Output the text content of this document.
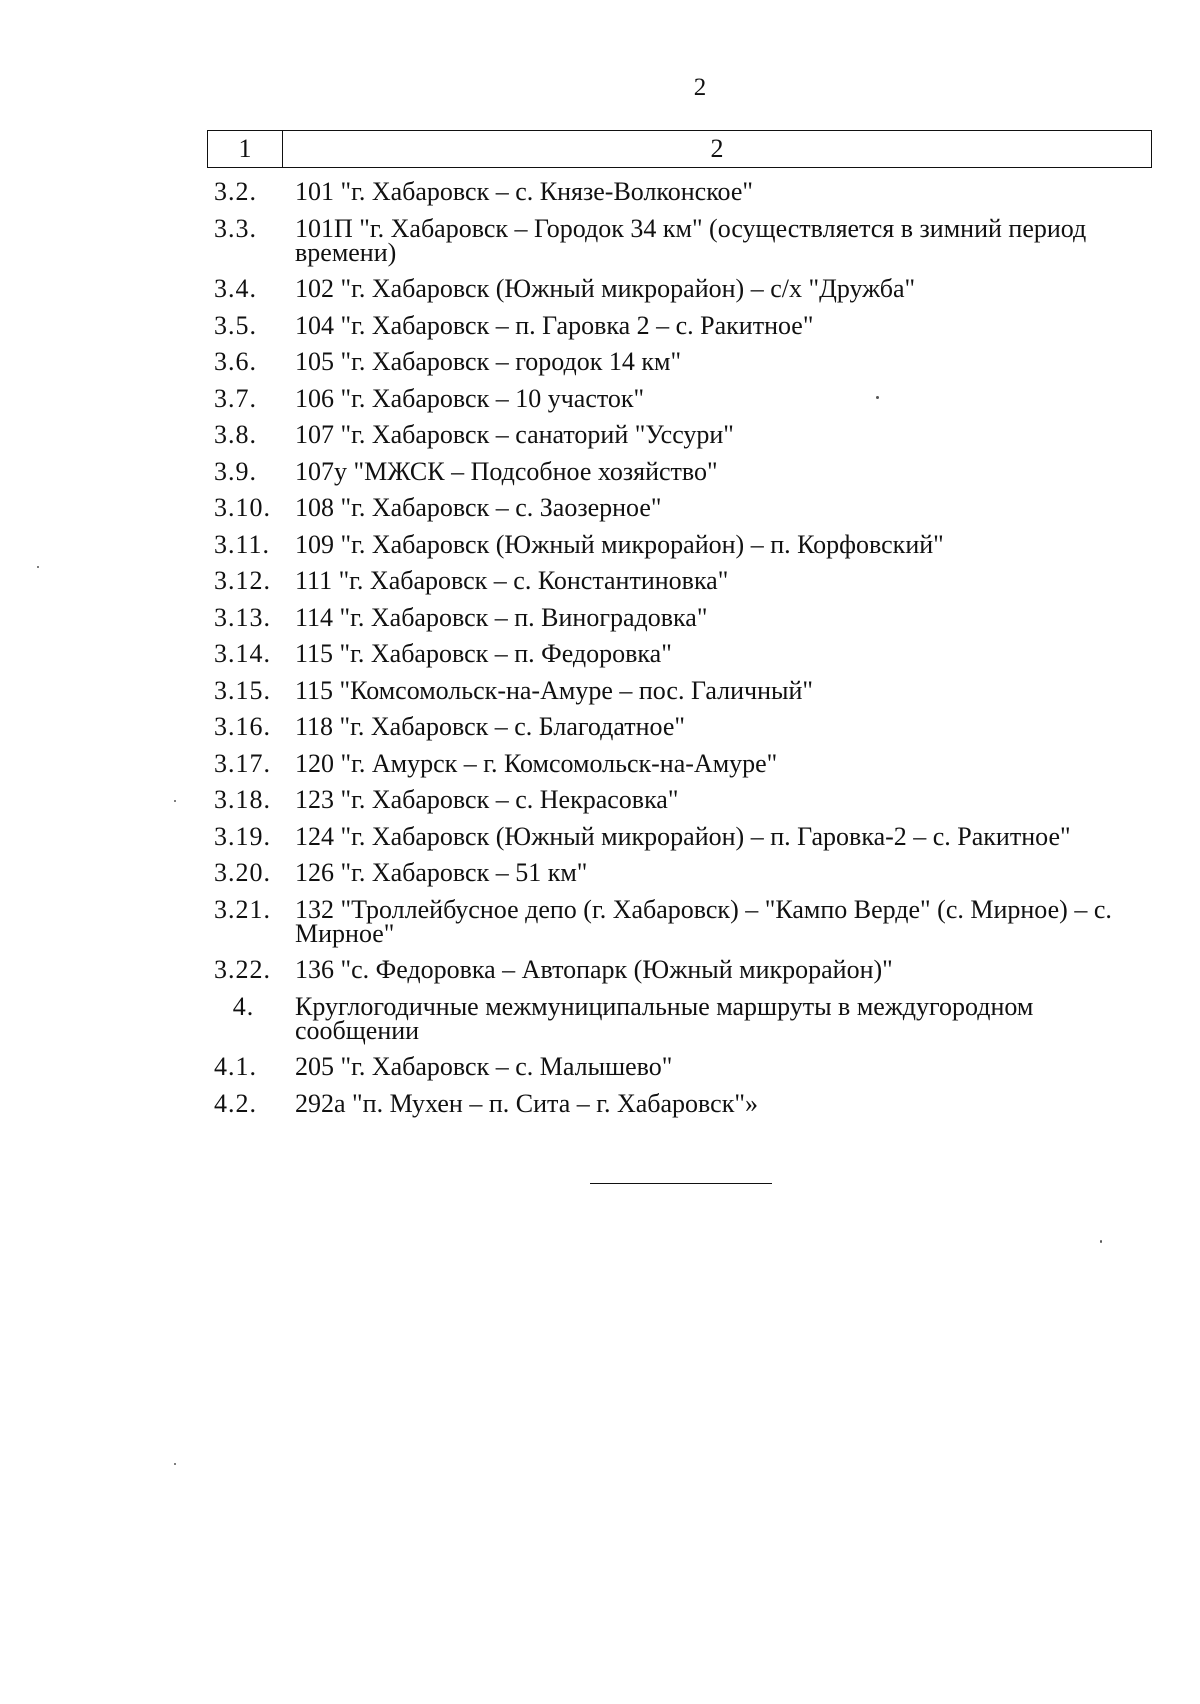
2
1	2
3.2.	101 "г. Хабаровск – с. Князе-Волконское"
3.3.	101П "г. Хабаровск – Городок 34 км" (осуществляется в зимний период времени)
3.4.	102 "г. Хабаровск (Южный микрорайон) – с/х "Дружба"
3.5.	104 "г. Хабаровск – п. Гаровка 2 – с. Ракитное"
3.6.	105 "г. Хабаровск – городок 14 км"
3.7.	106 "г. Хабаровск – 10 участок"
3.8.	107 "г. Хабаровск – санаторий "Уссури"
3.9.	107у "МЖСК – Подсобное хозяйство"
3.10. 108 "г. Хабаровск – с. Заозерное"
3.11. 109 "г. Хабаровск (Южный микрорайон) – п. Корфовский"
3.12. 111 "г. Хабаровск – с. Константиновка"
3.13. 114 "г. Хабаровск – п. Виноградовка"
3.14. 115 "г. Хабаровск – п. Федоровка"
3.15. 115 "Комсомольск-на-Амуре – пос. Галичный"
3.16. 118 "г. Хабаровск – с. Благодатное"
3.17. 120 "г. Амурск – г. Комсомольск-на-Амуре"
3.18. 123 "г. Хабаровск – с. Некрасовка"
3.19. 124 "г. Хабаровск (Южный микрорайон) – п. Гаровка-2 – с. Ракитное"
3.20. 126 "г. Хабаровск – 51 км"
3.21. 132 "Троллейбусное депо (г. Хабаровск) – "Кампо Верде" (с. Мирное) – с. Мирное"
3.22. 136 "с. Федоровка – Автопарк (Южный микрорайон)"
4.	Круглогодичные межмуниципальные маршруты в междугородном сообщении
4.1.	205 "г. Хабаровск – с. Малышево"
4.2.	292а "п. Мухен – п. Сита – г. Хабаровск"»
